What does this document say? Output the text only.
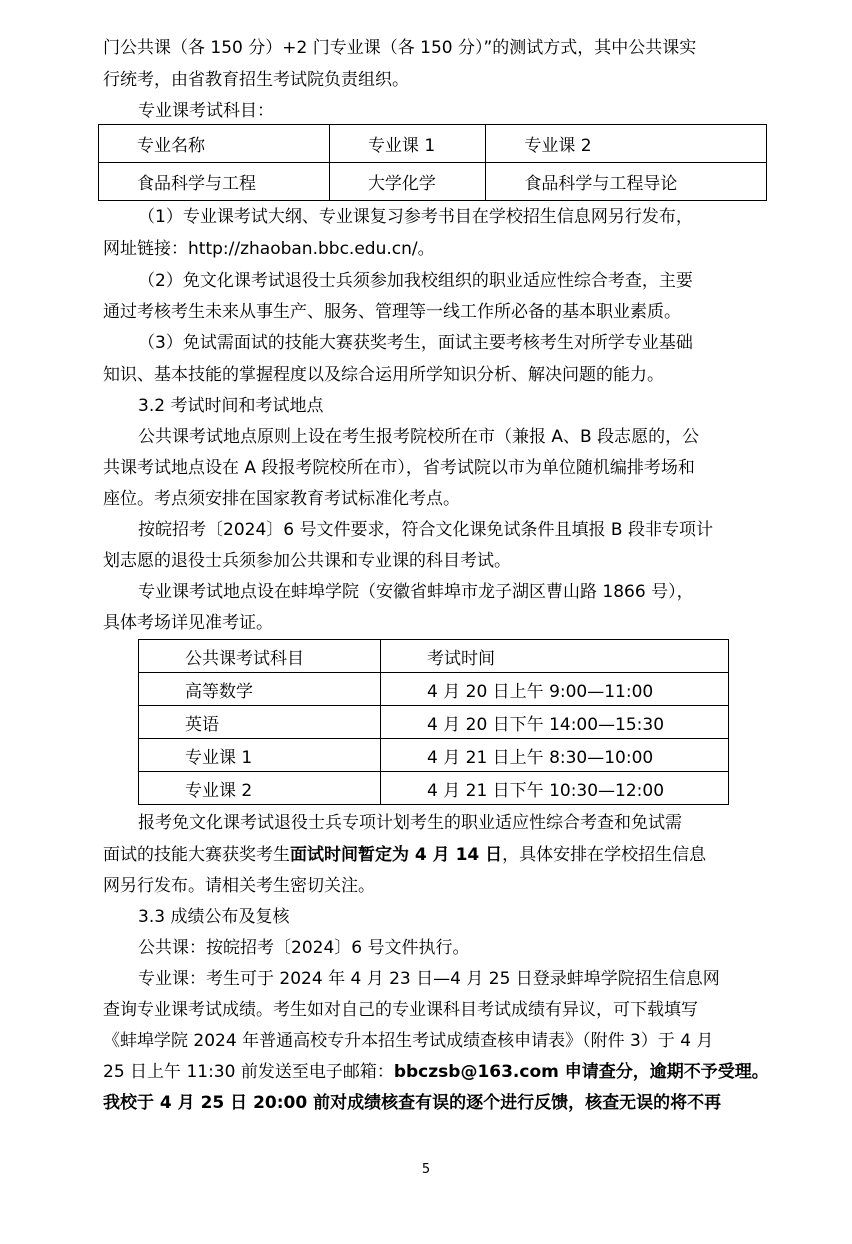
门公共课（各 150 分）+2 门专业课（各 150 分）”的测试方式，其中公共课实
行统考，由省教育招生考试院负责组织。
专业课考试科目：
专业名称	专业课 1	专业课 2
食品科学与工程	大学化学	食品科学与工程导论
（1）专业课考试大纲、专业课复习参考书目在学校招生信息网另行发布，
网址链接：http://zhaoban.bbc.edu.cn/。
（2）免文化课考试退役士兵须参加我校组织的职业适应性综合考查，主要
通过考核考生未来从事生产、服务、管理等一线工作所必备的基本职业素质。
（3）免试需面试的技能大赛获奖考生，面试主要考核考生对所学专业基础
知识、基本技能的掌握程度以及综合运用所学知识分析、解决问题的能力。
3.2 考试时间和考试地点
公共课考试地点原则上设在考生报考院校所在市（兼报 A、B 段志愿的，公
共课考试地点设在 A 段报考院校所在市），省考试院以市为单位随机编排考场和
座位。考点须安排在国家教育考试标准化考点。
按皖招考〔2024〕6 号文件要求，符合文化课免试条件且填报 B 段非专项计
划志愿的退役士兵须参加公共课和专业课的科目考试。
专业课考试地点设在蚌埠学院（安徽省蚌埠市龙子湖区曹山路 1866 号），
具体考场详见准考证。
公共课考试科目	考试时间
高等数学	4 月 20 日上午 9:00—11:00
英语	4 月 20 日下午 14:00—15:30
专业课 1	4 月 21 日上午 8:30—10:00
专业课 2	4 月 21 日下午 10:30—12:00
报考免文化课考试退役士兵专项计划考生的职业适应性综合考查和免试需
面试的技能大赛获奖考生面试时间暂定为 4 月 14 日，具体安排在学校招生信息
网另行发布。请相关考生密切关注。
3.3 成绩公布及复核
公共课：按皖招考〔2024〕6 号文件执行。
专业课：考生可于 2024 年 4 月 23 日—4 月 25 日登录蚌埠学院招生信息网
查询专业课考试成绩。考生如对自己的专业课科目考试成绩有异议，可下载填写
《蚌埠学院 2024 年普通高校专升本招生考试成绩查核申请表》（附件 3）于 4 月
25 日上午 11:30 前发送至电子邮箱：bbczsb@163.com 申请查分，逾期不予受理。
我校于 4 月 25 日 20:00 前对成绩核查有误的逐个进行反馈，核查无误的将不再
5
